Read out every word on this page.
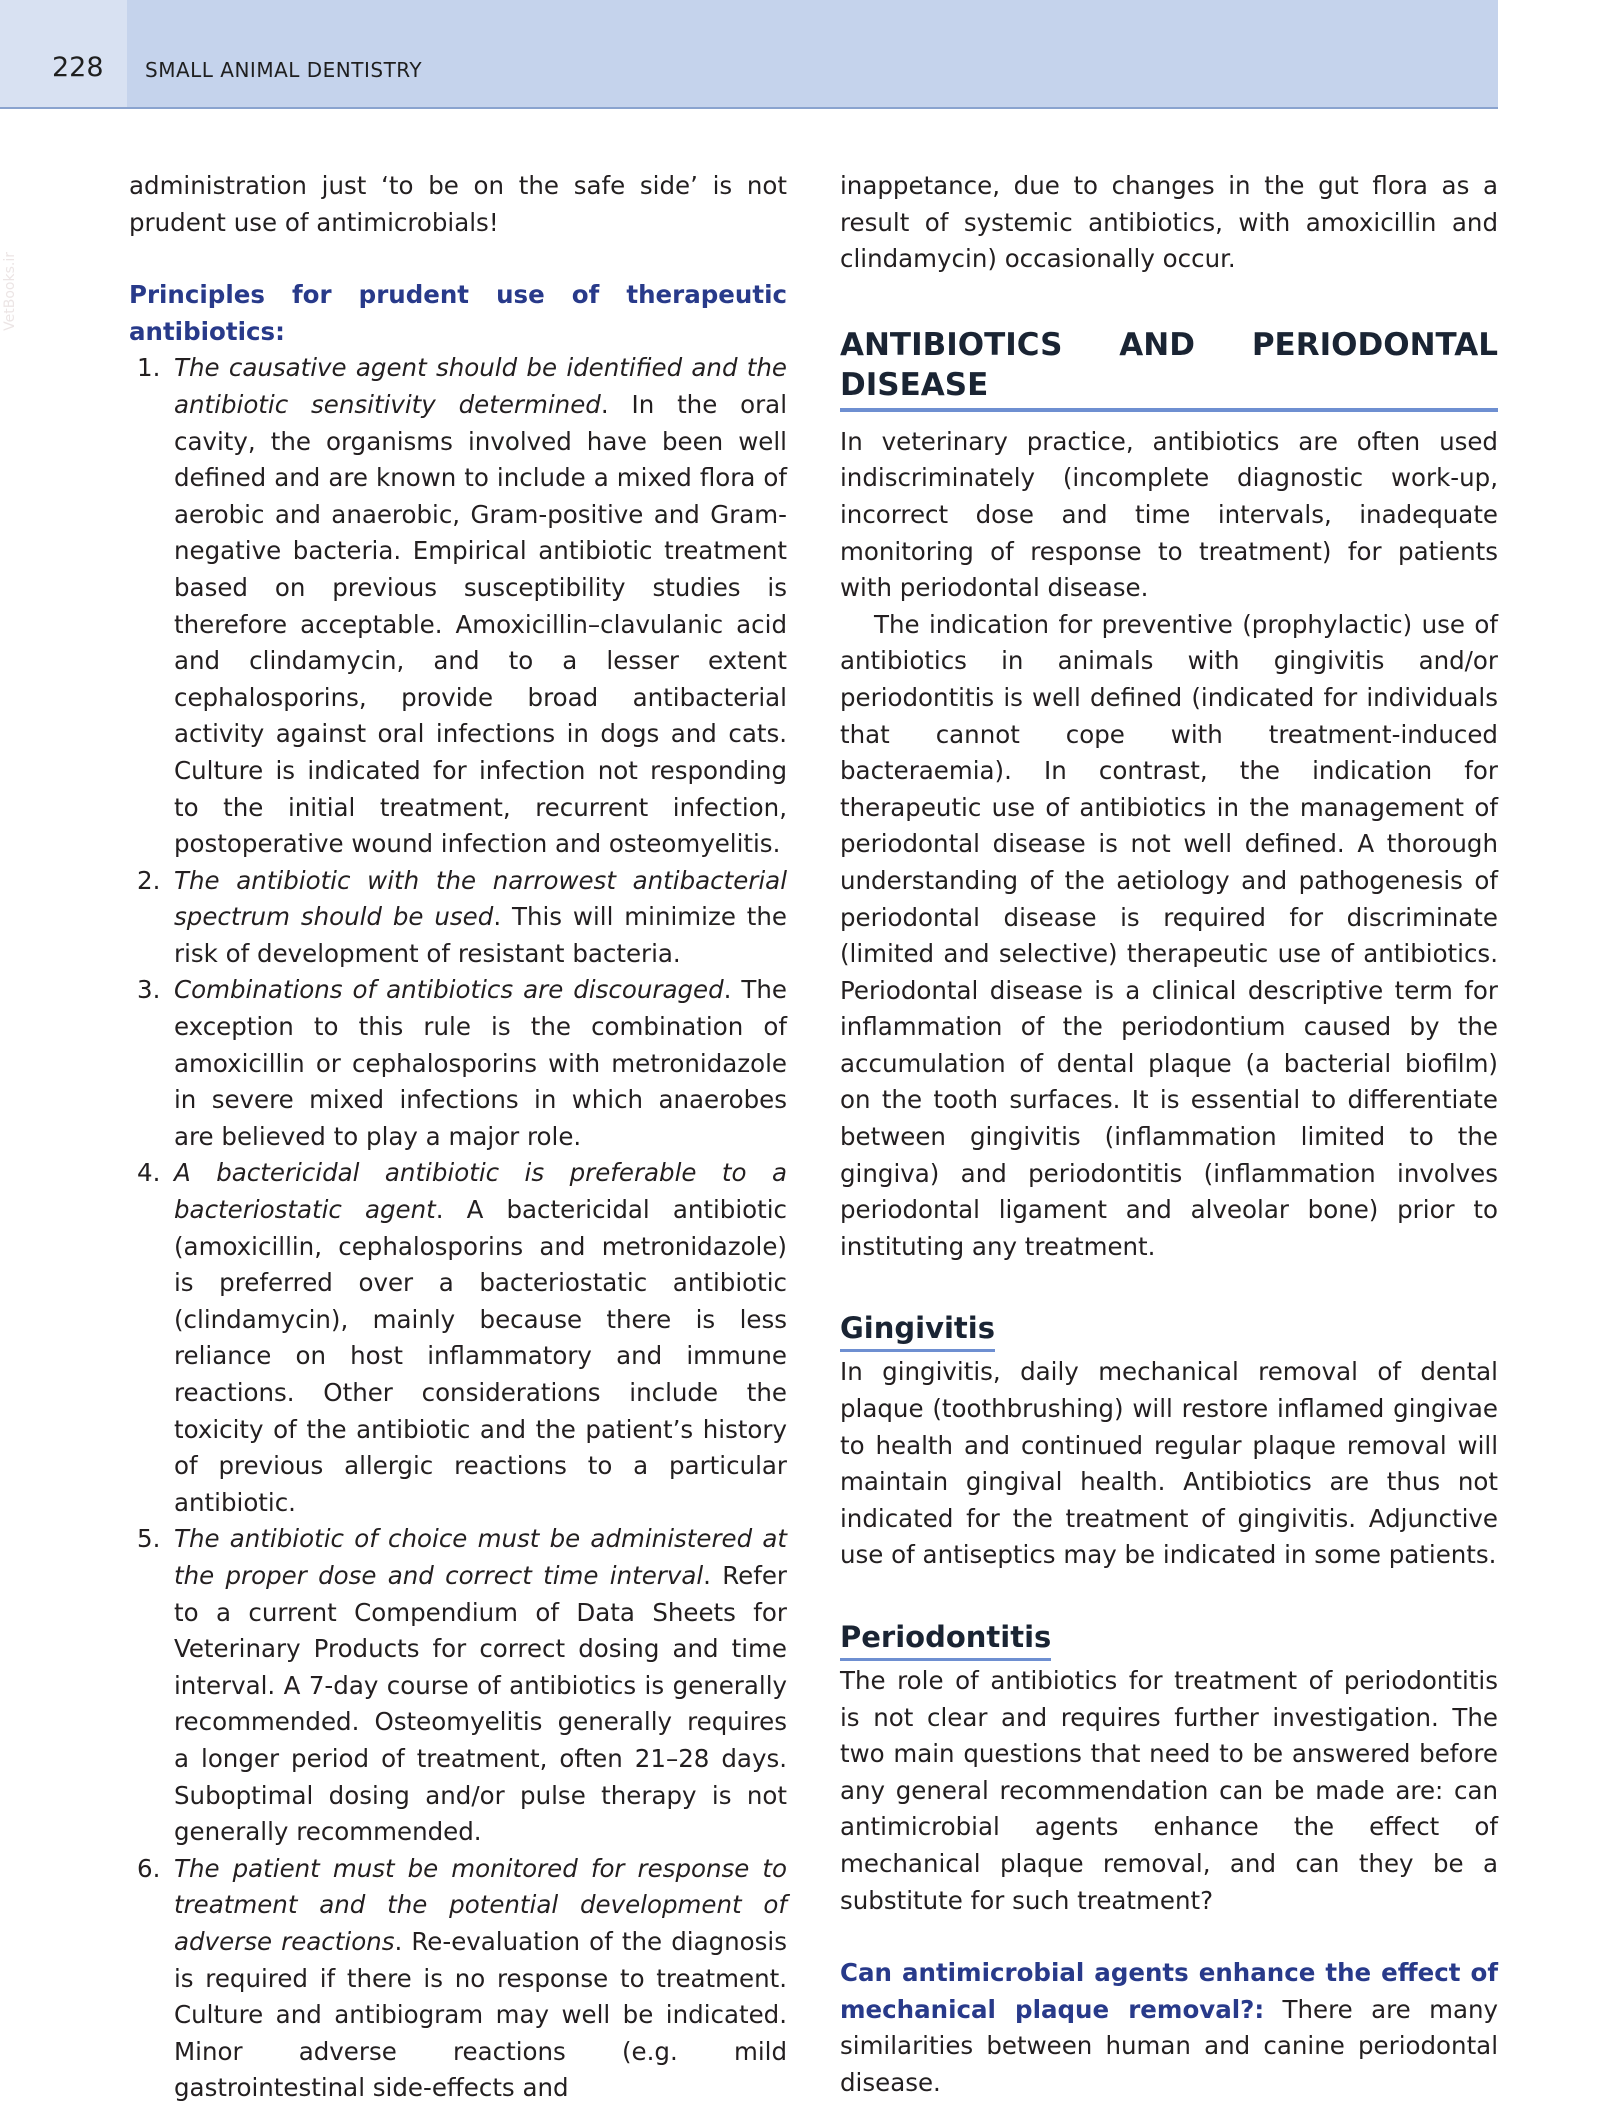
228 SMALL ANIMAL DENTISTRY
VetBooks.ir

administration just ‘to be on the safe side’ is not prudent use of antimicrobials!

Principles for prudent use of therapeutic antibiotics:

1. The causative agent should be identified and the antibiotic sensitivity determined. In the oral cavity, the organisms involved have been well defined and are known to include a mixed flora of aerobic and anaerobic, Gram-positive and Gram-negative bacteria. Empirical antibiotic treatment based on previous susceptibility studies is therefore acceptable. Amoxicillin–clavulanic acid and clindamycin, and to a lesser extent cephalosporins, provide broad antibacterial activity against oral infections in dogs and cats. Culture is indicated for infection not responding to the initial treatment, recurrent infection, postoperative wound infection and osteomyelitis.
2. The antibiotic with the narrowest antibacterial spectrum should be used. This will minimize the risk of development of resistant bacteria.
3. Combinations of antibiotics are discouraged. The exception to this rule is the combination of amoxicillin or cephalosporins with metronidazole in severe mixed infections in which anaerobes are believed to play a major role.
4. A bactericidal antibiotic is preferable to a bacteriostatic agent. A bactericidal antibiotic (amoxicillin, cephalosporins and metronidazole) is preferred over a bacteriostatic antibiotic (clindamycin), mainly because there is less reliance on host inflammatory and immune reactions. Other considerations include the toxicity of the antibiotic and the patient’s history of previous allergic reactions to a particular antibiotic.
5. The antibiotic of choice must be administered at the proper dose and correct time interval. Refer to a current Compendium of Data Sheets for Veterinary Products for correct dosing and time interval. A 7-day course of antibiotics is generally recommended. Osteomyelitis generally requires a longer period of treatment, often 21–28 days. Suboptimal dosing and/or pulse therapy is not generally recommended.
6. The patient must be monitored for response to treatment and the potential development of adverse reactions. Re-evaluation of the diagnosis is required if there is no response to treatment. Culture and antibiogram may well be indicated. Minor adverse reactions (e.g. mild gastrointestinal side-effects and

inappetance, due to changes in the gut flora as a result of systemic antibiotics, with amoxicillin and clindamycin) occasionally occur.

ANTIBIOTICS AND PERIODONTAL DISEASE

In veterinary practice, antibiotics are often used indiscriminately (incomplete diagnostic work-up, incorrect dose and time intervals, inadequate monitoring of response to treatment) for patients with periodontal disease.

The indication for preventive (prophylactic) use of antibiotics in animals with gingivitis and/or periodontitis is well defined (indicated for individuals that cannot cope with treatment-induced bacteraemia). In contrast, the indication for therapeutic use of antibiotics in the management of periodontal disease is not well defined. A thorough understanding of the aetiology and pathogenesis of periodontal disease is required for discriminate (limited and selective) therapeutic use of antibiotics. Periodontal disease is a clinical descriptive term for inflammation of the periodontium caused by the accumulation of dental plaque (a bacterial biofilm) on the tooth surfaces. It is essential to differentiate between gingivitis (inflammation limited to the gingiva) and periodontitis (inflammation involves periodontal ligament and alveolar bone) prior to instituting any treatment.

Gingivitis

In gingivitis, daily mechanical removal of dental plaque (toothbrushing) will restore inflamed gingivae to health and continued regular plaque removal will maintain gingival health. Antibiotics are thus not indicated for the treatment of gingivitis. Adjunctive use of antiseptics may be indicated in some patients.

Periodontitis

The role of antibiotics for treatment of periodontitis is not clear and requires further investigation. The two main questions that need to be answered before any general recommendation can be made are: can antimicrobial agents enhance the effect of mechanical plaque removal, and can they be a substitute for such treatment?

Can antimicrobial agents enhance the effect of mechanical plaque removal?: There are many similarities between human and canine periodontal disease.
